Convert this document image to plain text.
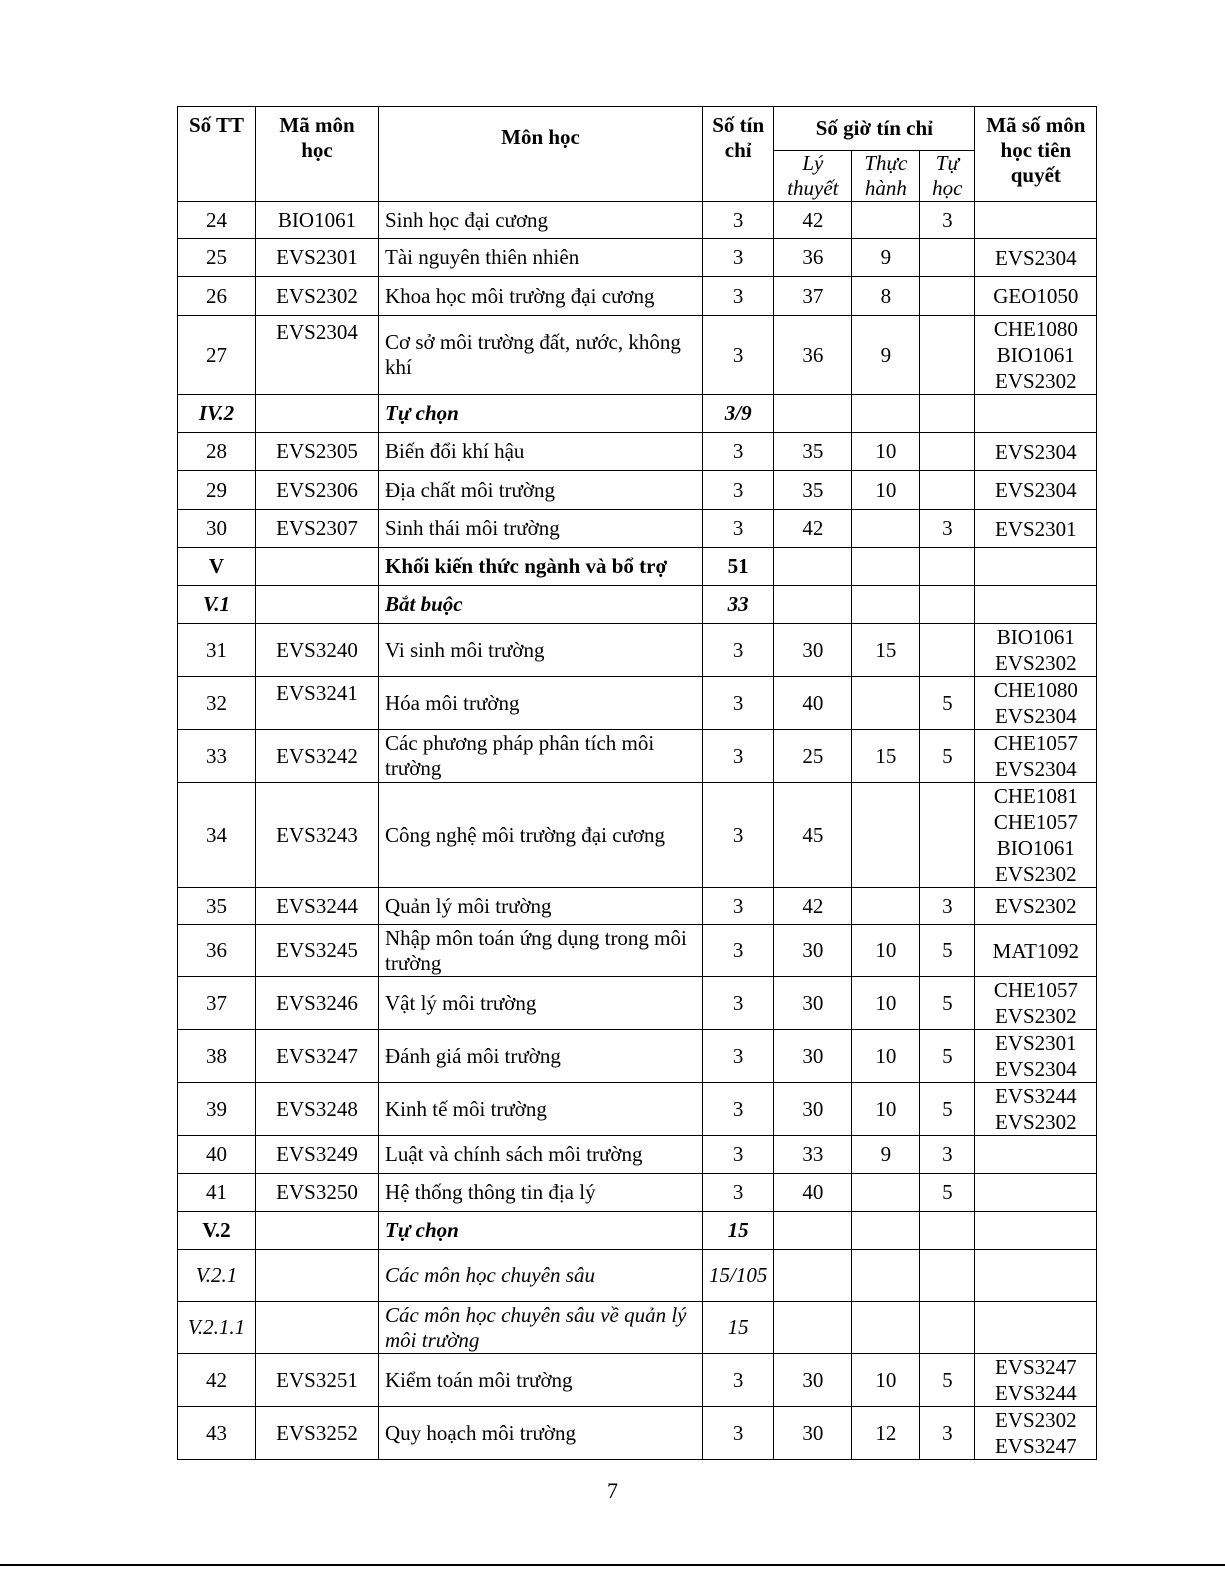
Số TT	Mã môn học	Môn học	Số tín chỉ	Số giờ tín chỉ			Mã số môn học tiên quyết
				Lý thuyết	Thực hành	Tự học	
24	BIO1061	Sinh học đại cương	3	42		3	
25	EVS2301	Tài nguyên thiên nhiên	3	36	9		EVS2304
26	EVS2302	Khoa học môi trường đại cương	3	37	8		GEO1050
27	EVS2304	Cơ sở môi trường đất, nước, không khí	3	36	9		CHE1080 BIO1061 EVS2302
IV.2		Tự chọn	3/9				
28	EVS2305	Biến đổi khí hậu	3	35	10		EVS2304
29	EVS2306	Địa chất môi trường	3	35	10		EVS2304
30	EVS2307	Sinh thái môi trường	3	42		3	EVS2301
V		Khối kiến thức ngành và bổ trợ	51				
V.1		Bắt buộc	33				
31	EVS3240	Vi sinh môi trường	3	30	15		BIO1061 EVS2302
32	EVS3241	Hóa môi trường	3	40		5	CHE1080 EVS2304
33	EVS3242	Các phương pháp phân tích môi trường	3	25	15	5	CHE1057 EVS2304
34	EVS3243	Công nghệ môi trường đại cương	3	45			CHE1081 CHE1057 BIO1061 EVS2302
35	EVS3244	Quản lý môi trường	3	42		3	EVS2302
36	EVS3245	Nhập môn toán ứng dụng trong môi trường	3	30	10	5	MAT1092
37	EVS3246	Vật lý môi trường	3	30	10	5	CHE1057 EVS2302
38	EVS3247	Đánh giá môi trường	3	30	10	5	EVS2301 EVS2304
39	EVS3248	Kinh tế môi trường	3	30	10	5	EVS3244 EVS2302
40	EVS3249	Luật và chính sách môi trường	3	33	9	3	
41	EVS3250	Hệ thống thông tin địa lý	3	40		5	
V.2		Tự chọn	15				
V.2.1		Các môn học chuyên sâu	15/105				
V.2.1.1		Các môn học chuyên sâu về quản lý môi trường	15				
42	EVS3251	Kiểm toán môi trường	3	30	10	5	EVS3247 EVS3244
43	EVS3252	Quy hoạch môi trường	3	30	12	3	EVS2302 EVS3247
7
